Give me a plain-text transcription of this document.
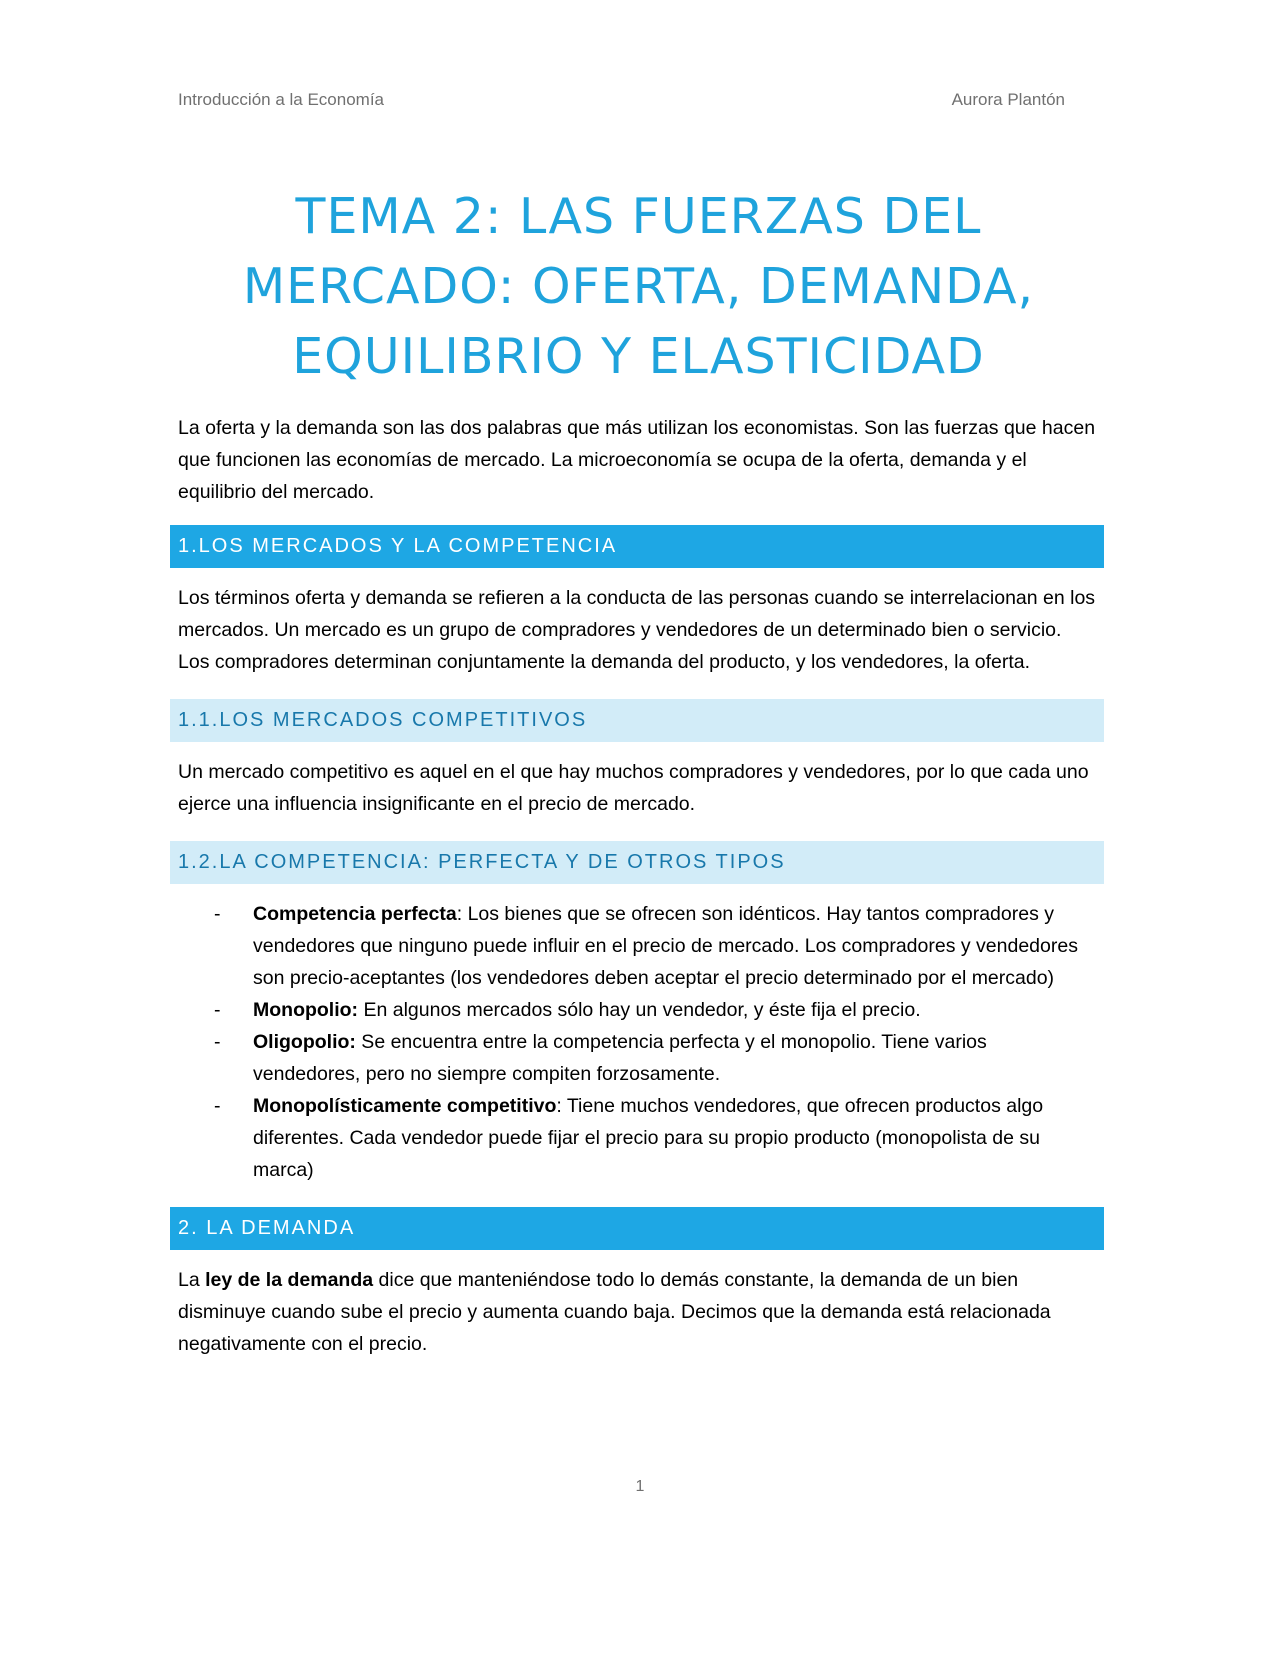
Introducción a la Economía	Aurora Plantón
TEMA 2: LAS FUERZAS DEL
MERCADO: OFERTA, DEMANDA,
EQUILIBRIO Y ELASTICIDAD

La oferta y la demanda son las dos palabras que más utilizan los economistas. Son las fuerzas que hacen que funcionen las economías de mercado. La microeconomía se ocupa de la oferta, demanda y el equilibrio del mercado.

1.LOS MERCADOS Y LA COMPETENCIA

Los términos oferta y demanda se refieren a la conducta de las personas cuando se interrelacionan en los mercados. Un mercado es un grupo de compradores y vendedores de un determinado bien o servicio. Los compradores determinan conjuntamente la demanda del producto, y los vendedores, la oferta.

1.1.LOS MERCADOS COMPETITIVOS

Un mercado competitivo es aquel en el que hay muchos compradores y vendedores, por lo que cada uno ejerce una influencia insignificante en el precio de mercado.

1.2.LA COMPETENCIA: PERFECTA Y DE OTROS TIPOS
- Competencia perfecta: Los bienes que se ofrecen son idénticos. Hay tantos compradores y vendedores que ninguno puede influir en el precio de mercado. Los compradores y vendedores son precio-aceptantes (los vendedores deben aceptar el precio determinado por el mercado)
- Monopolio: En algunos mercados sólo hay un vendedor, y éste fija el precio.
- Oligopolio: Se encuentra entre la competencia perfecta y el monopolio. Tiene varios vendedores, pero no siempre compiten forzosamente.
- Monopolísticamente competitivo: Tiene muchos vendedores, que ofrecen productos algo diferentes. Cada vendedor puede fijar el precio para su propio producto (monopolista de su marca)
2. LA DEMANDA

La ley de la demanda dice que manteniéndose todo lo demás constante, la demanda de un bien disminuye cuando sube el precio y aumenta cuando baja. Decimos que la demanda está relacionada negativamente con el precio.

1
